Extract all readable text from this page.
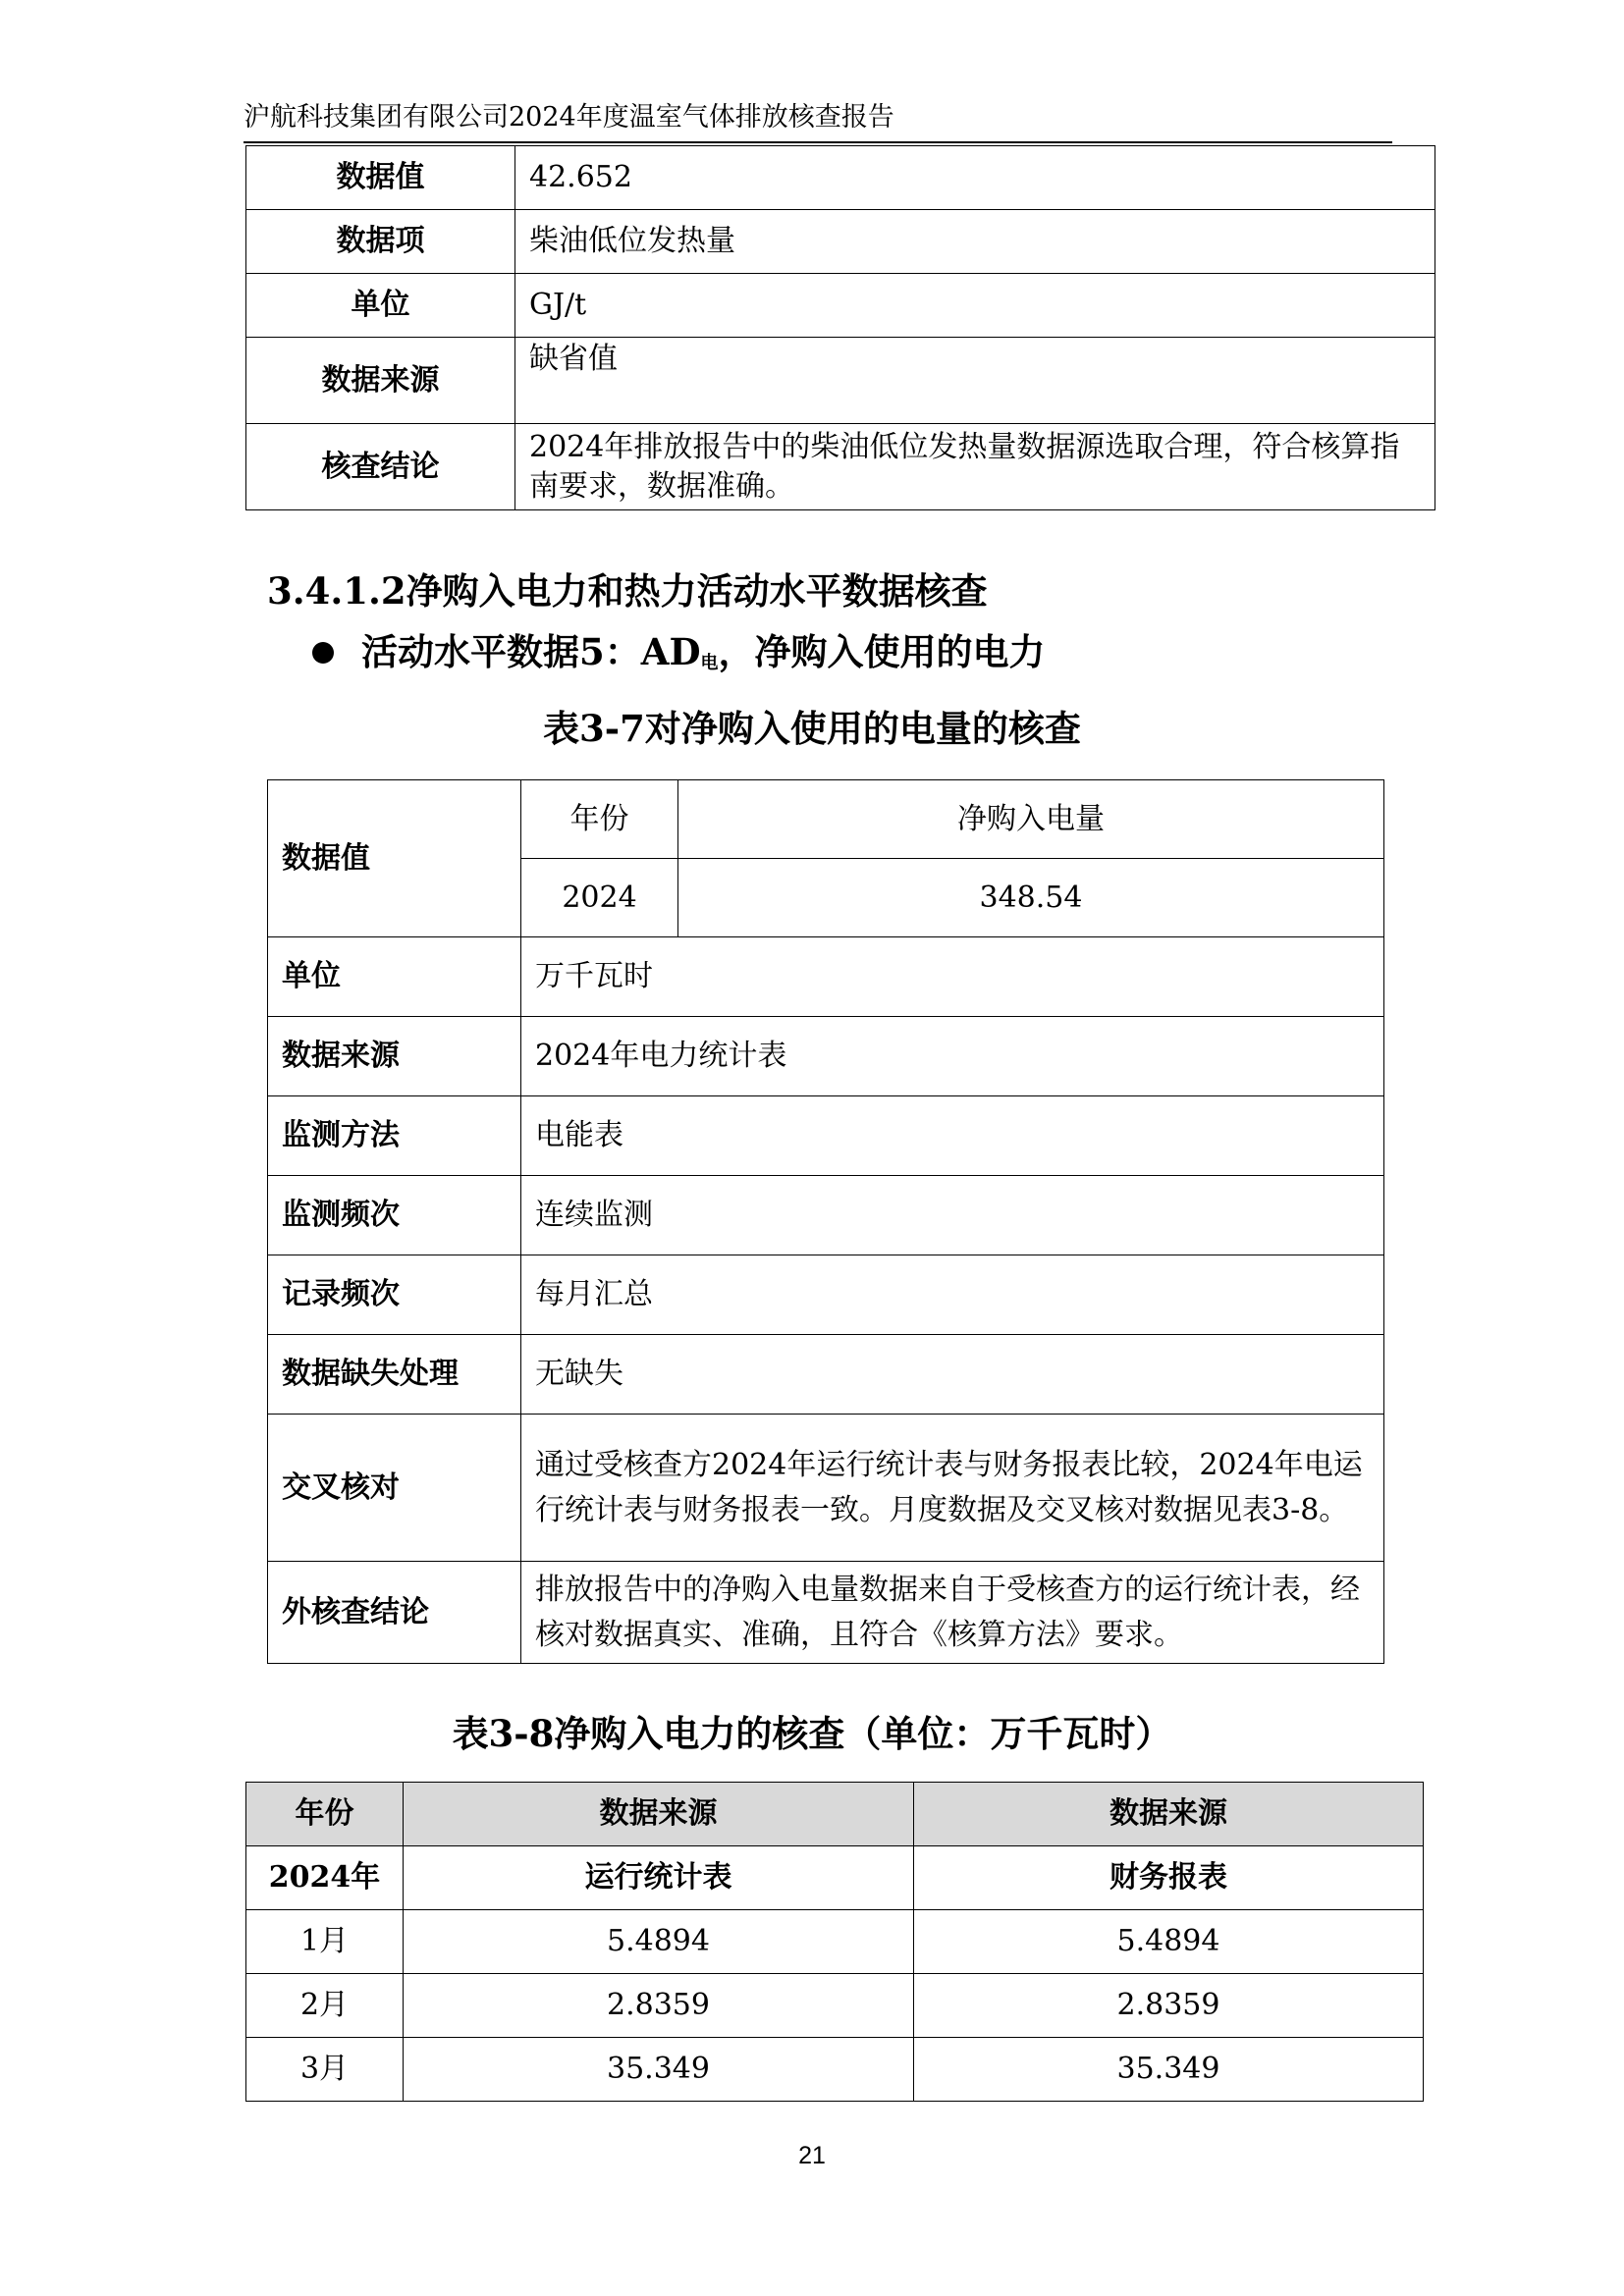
沪航科技集团有限公司2024年度温室气体排放核查报告
数据值	42.652
数据项	柴油低位发热量
单位	GJ/t
数据来源	缺省值
核查结论	2024年排放报告中的柴油低位发热量数据源选取合理，符合核算指南要求，数据准确。
3.4.1.2净购入电力和热力活动水平数据核查
活动水平数据5：$AD_电$，净购入使用的电力
表3-7对净购入使用的电量的核查
数据值	年份	净购入电量
	2024	348.54
单位	万千瓦时	
数据来源	2024年电力统计表	
监测方法	电能表	
监测频次	连续监测	
记录频次	每月汇总	
数据缺失处理	无缺失	
交叉核对	通过受核查方2024年运行统计表与财务报表比较，2024年电运行统计表与财务报表一致。月度数据及交叉核对数据见表3-8。	
外核查结论	排放报告中的净购入电量数据来自于受核查方的运行统计表，经核对数据真实、准确，且符合《核算方法》要求。	
表3-8净购入电力的核查（单位：万千瓦时）
年份	数据来源	数据来源
2024年	运行统计表	财务报表
1月	5.4894	5.4894
2月	2.8359	2.8359
3月	35.349	35.349
21
